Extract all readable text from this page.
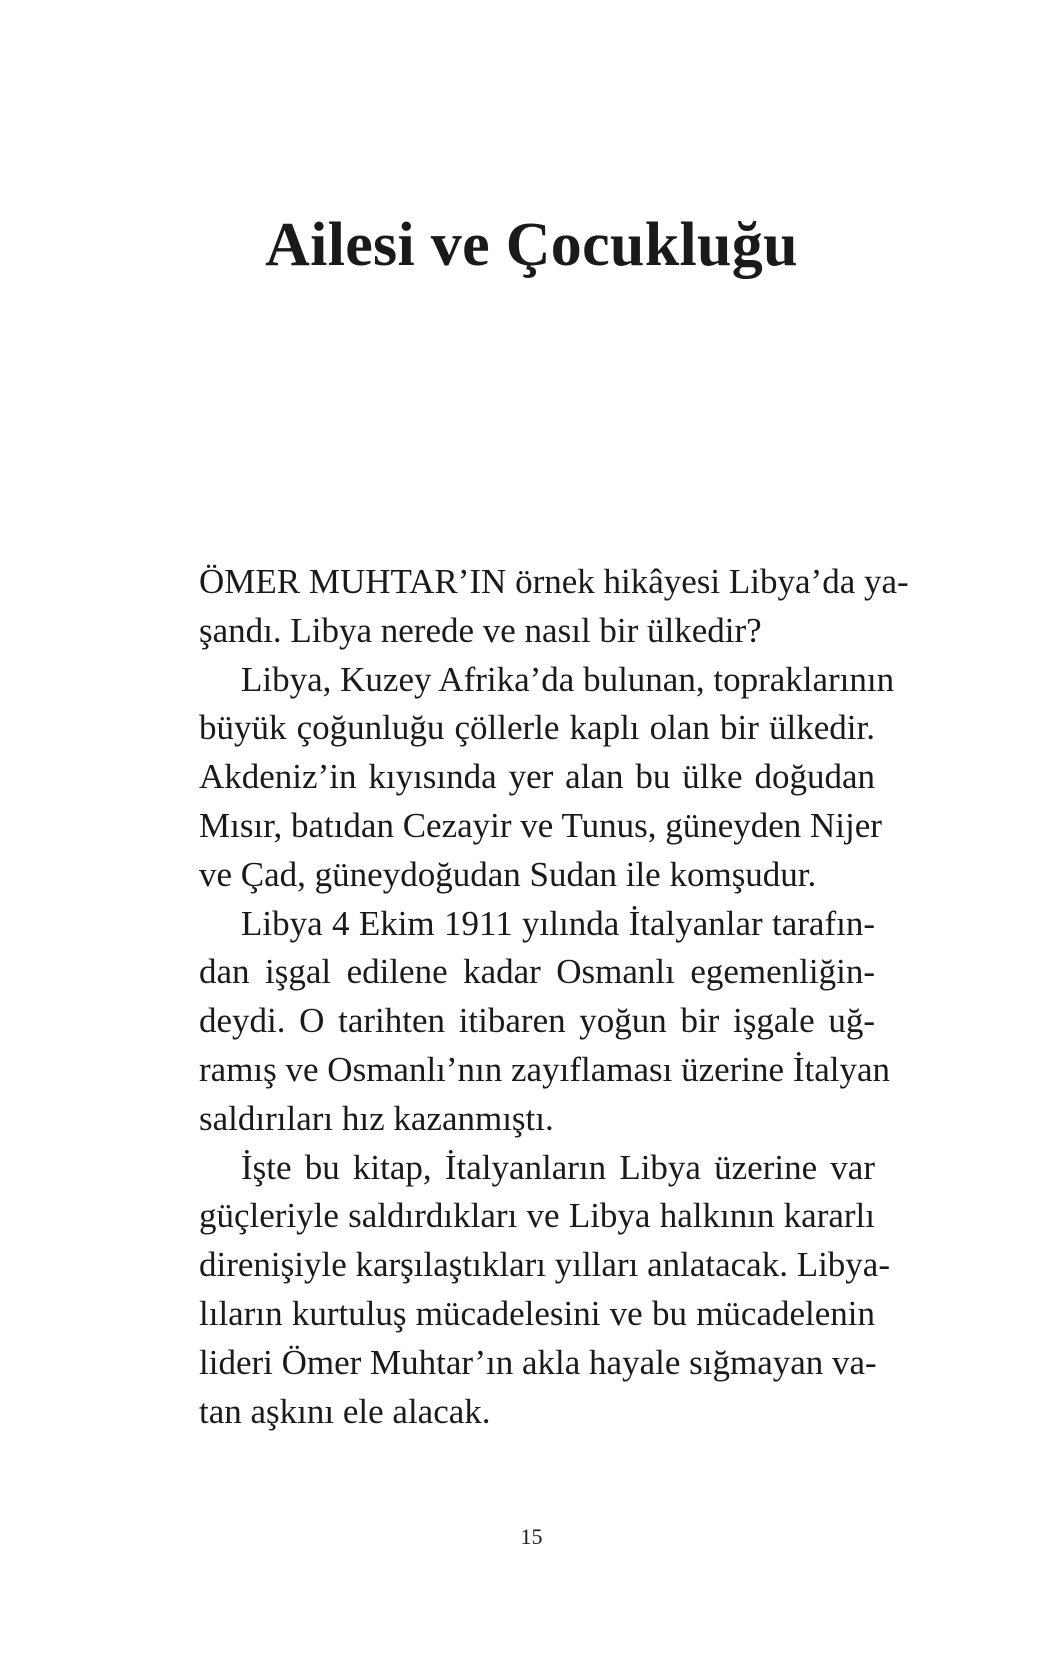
Ailesi ve Çocukluğu
ÖMER MUHTAR’IN örnek hikâyesi Libya’da ya-
şandı. Libya nerede ve nasıl bir ülkedir?
Libya, Kuzey Afrika’da bulunan, topraklarının
büyük çoğunluğu çöllerle kaplı olan bir ülkedir.
Akdeniz’in kıyısında yer alan bu ülke doğudan
Mısır, batıdan Cezayir ve Tunus, güneyden Nijer
ve Çad, güneydoğudan Sudan ile komşudur.
Libya 4 Ekim 1911 yılında İtalyanlar tarafın-
dan işgal edilene kadar Osmanlı egemenliğin-
deydi. O tarihten itibaren yoğun bir işgale uğ-
ramış ve Osmanlı’nın zayıflaması üzerine İtalyan
saldırıları hız kazanmıştı.
İşte bu kitap, İtalyanların Libya üzerine var
güçleriyle saldırdıkları ve Libya halkının kararlı
direnişiyle karşılaştıkları yılları anlatacak. Libya-
lıların kurtuluş mücadelesini ve bu mücadelenin
lideri Ömer Muhtar’ın akla hayale sığmayan va-
tan aşkını ele alacak.
15
